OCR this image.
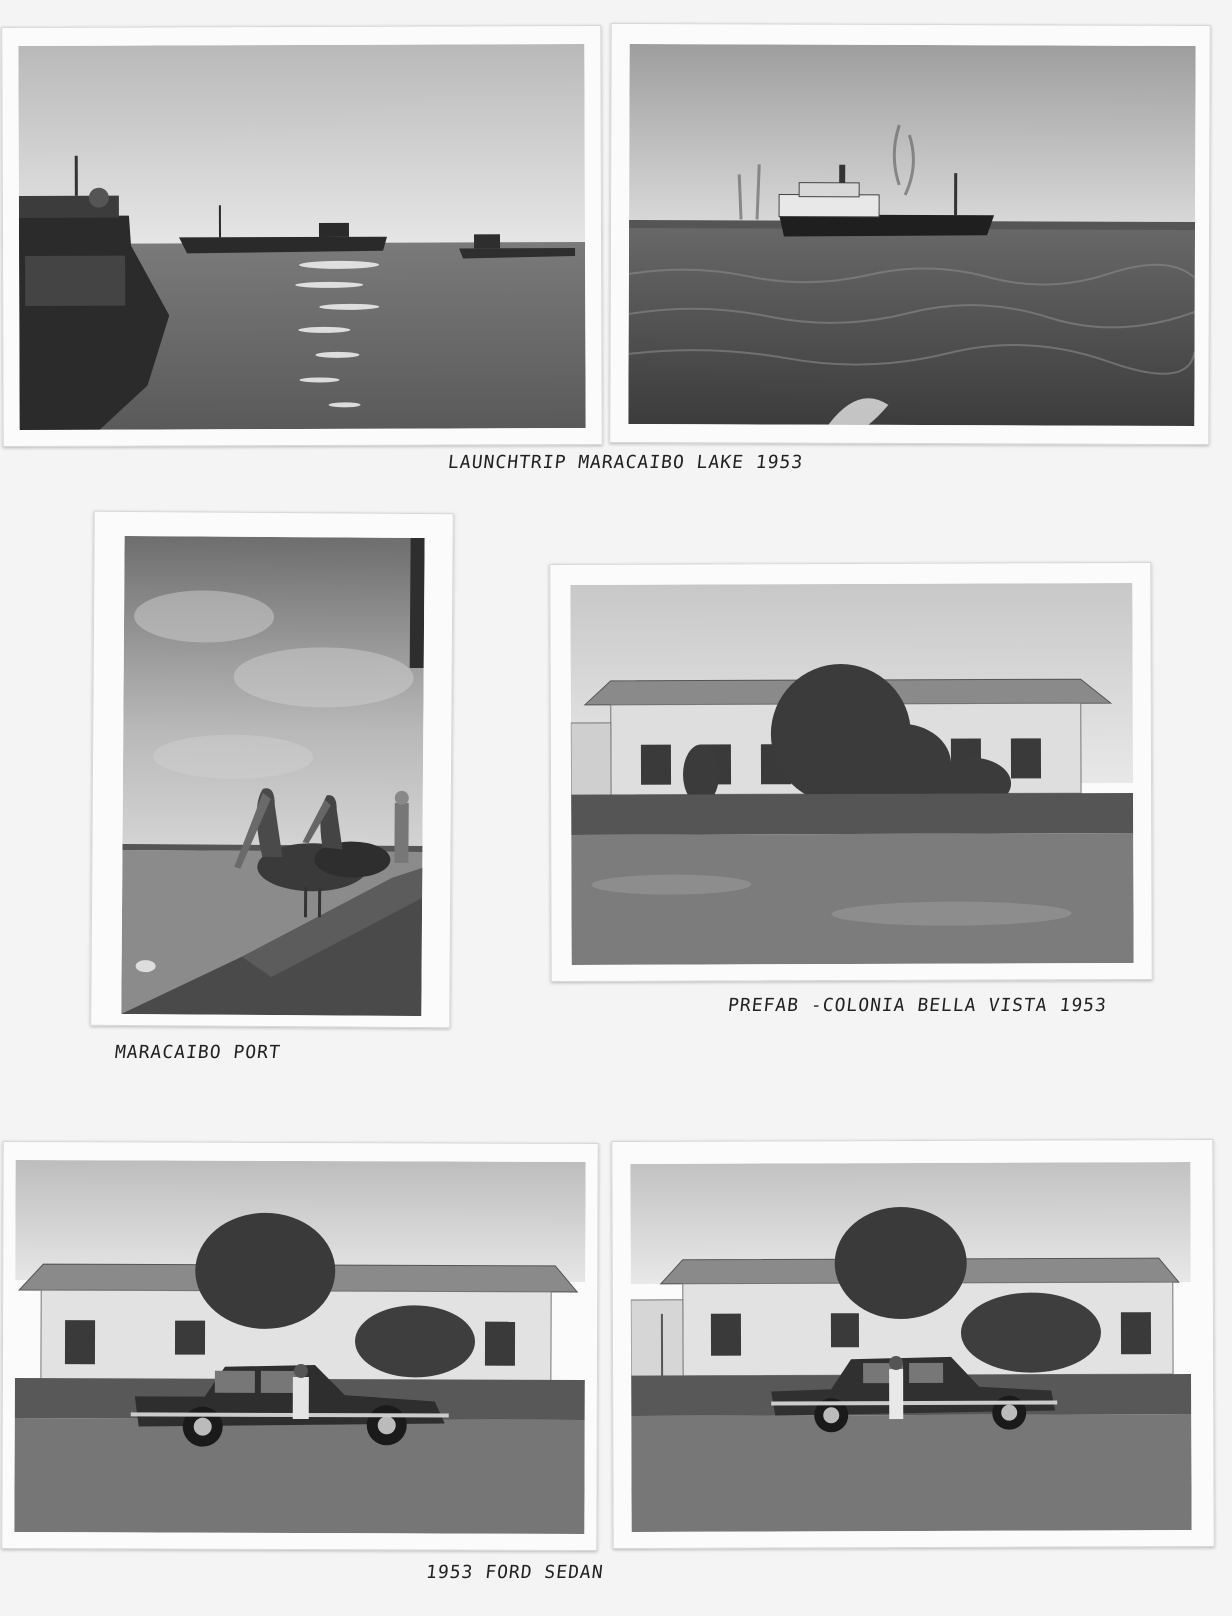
LAUNCHTRIP MARACAIBO LAKE 1953
MARACAIBO PORT
PREFAB -COLONIA BELLA VISTA 1953
1953 FORD SEDAN
